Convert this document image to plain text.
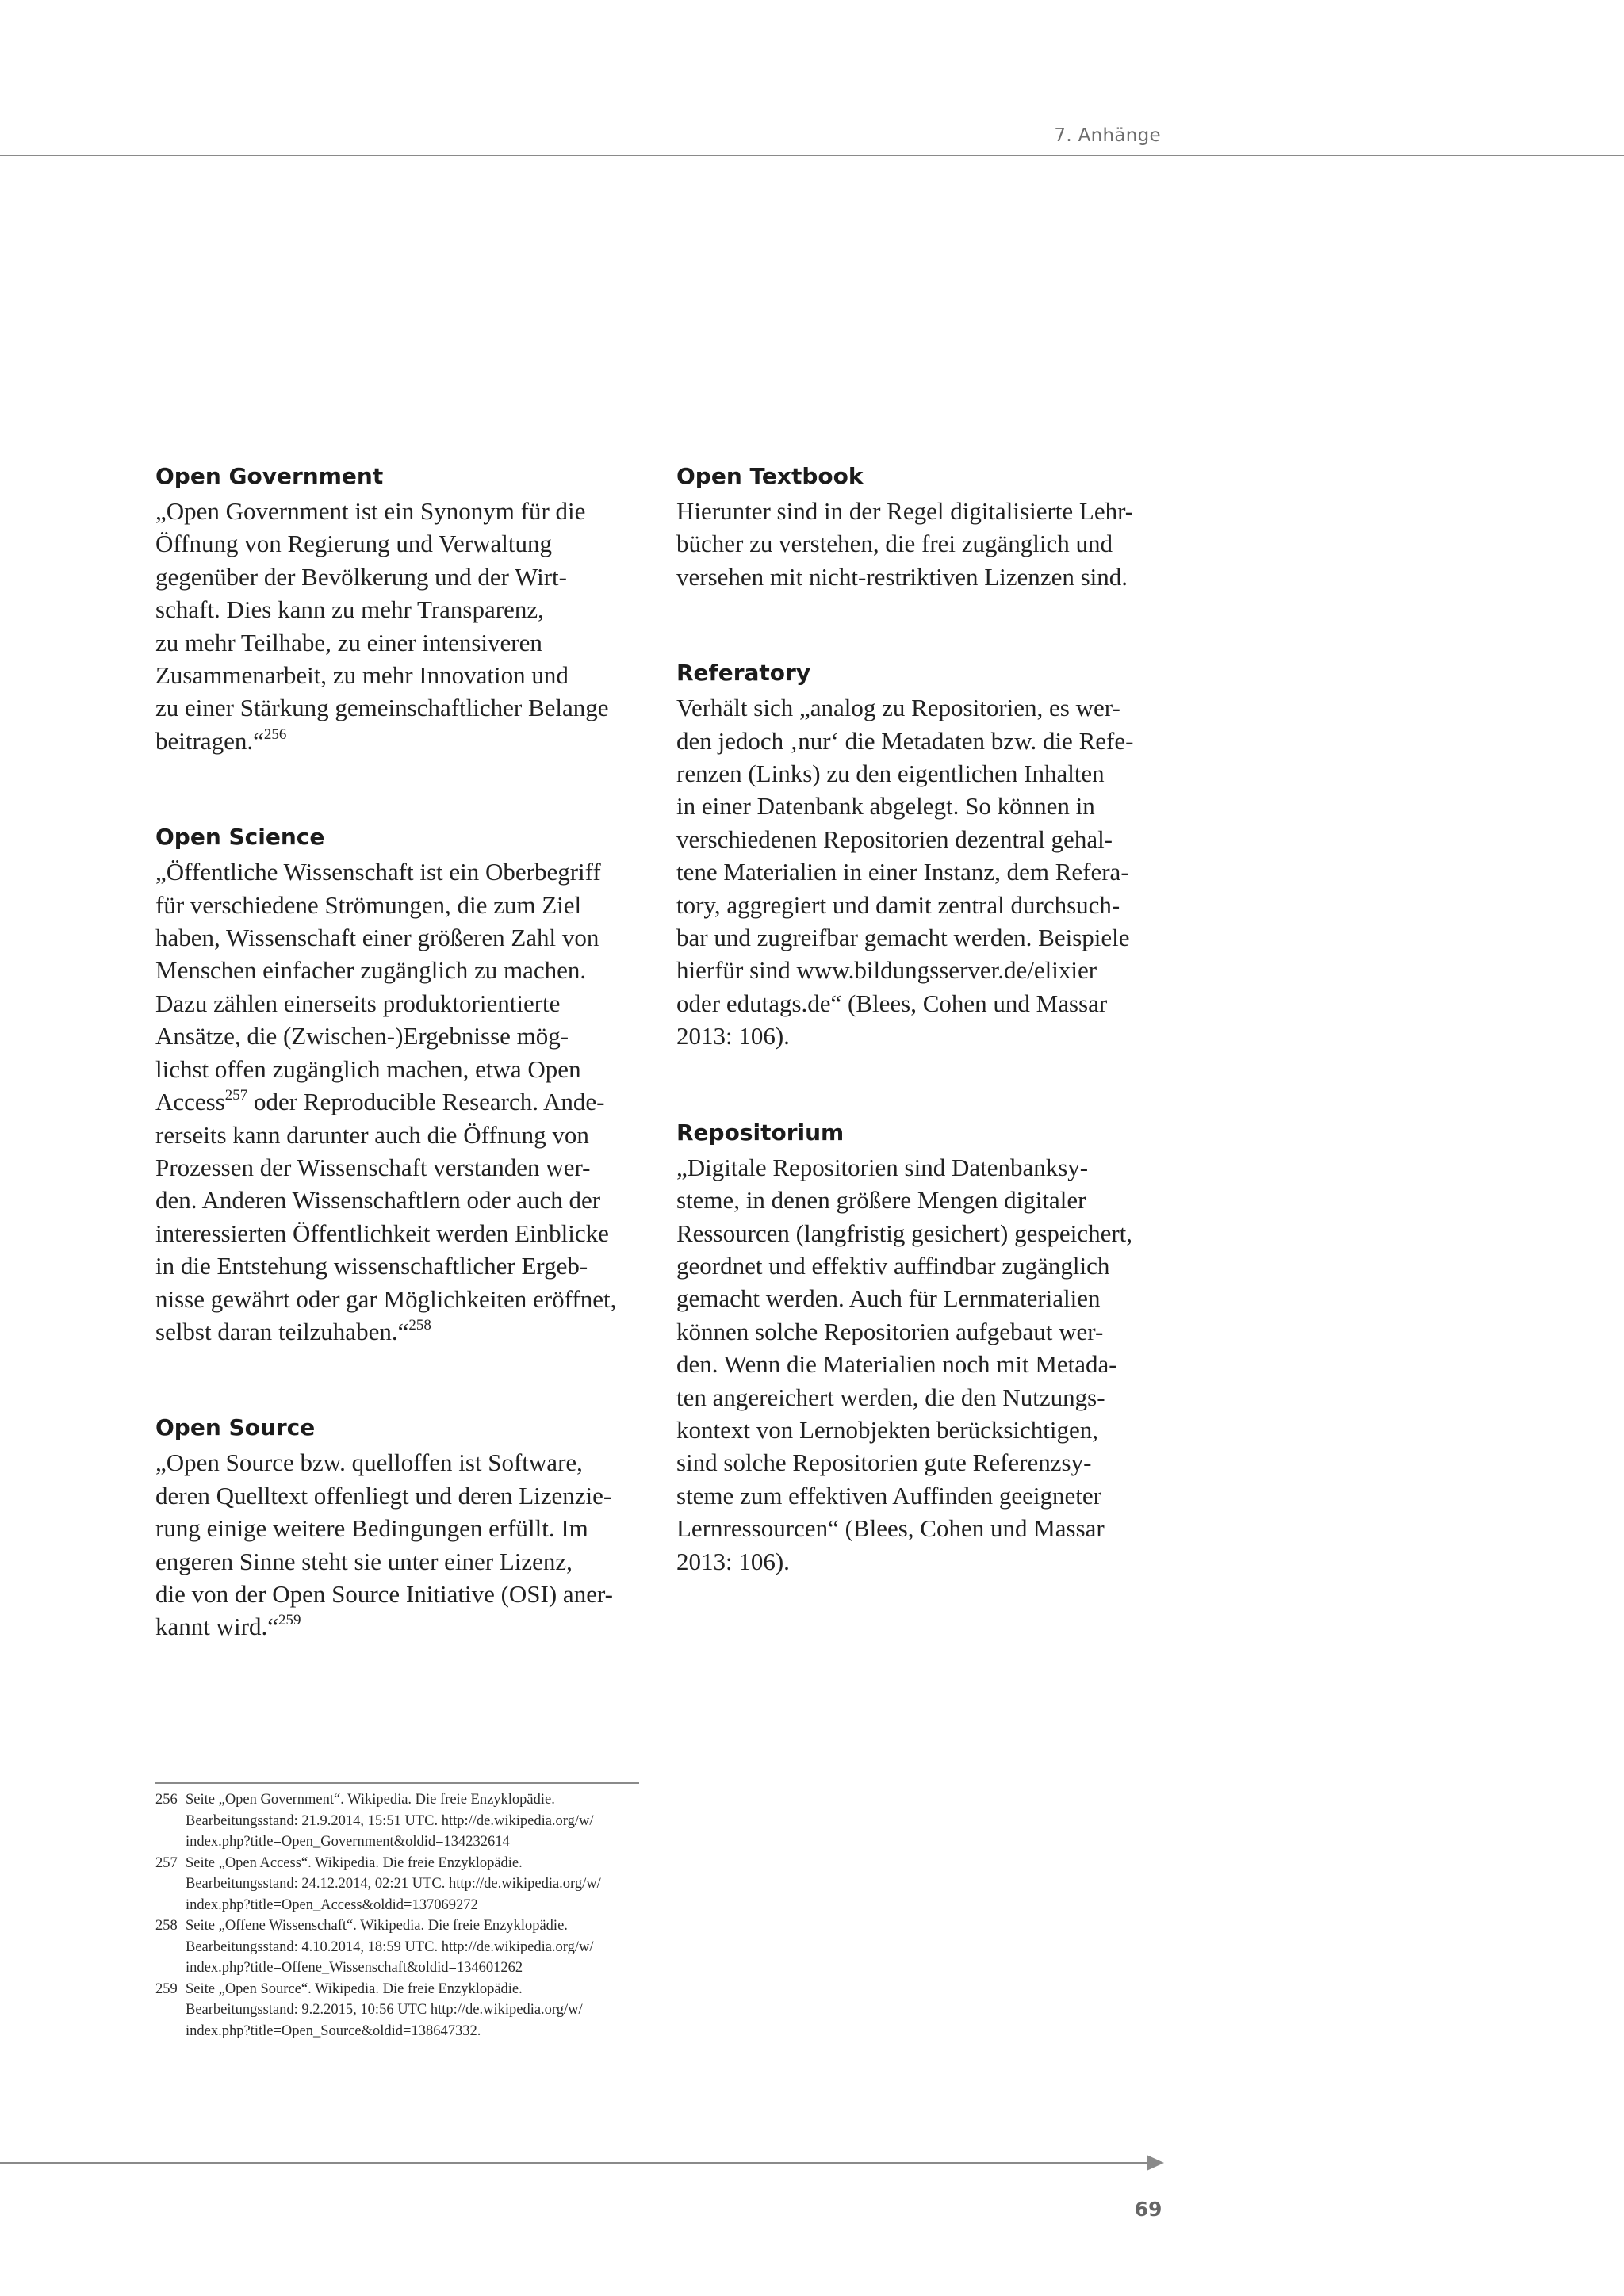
7. Anhänge
Open Government
„Open Government ist ein Synonym für die
Öffnung von Regierung und Verwaltung
gegenüber der Bevölkerung und der Wirt-
schaft. Dies kann zu mehr Transparenz,
zu mehr Teilhabe, zu einer intensiveren
Zusammenarbeit, zu mehr Innovation und
zu einer Stärkung gemeinschaftlicher Belange
beitragen.“$^{256}$
Open Science
„Öffentliche Wissenschaft ist ein Oberbegriff
für verschiedene Strömungen, die zum Ziel
haben, Wissenschaft einer größeren Zahl von
Menschen einfacher zugänglich zu machen.
Dazu zählen einerseits produktorientierte
Ansätze, die (Zwischen-)Ergebnisse mög-
lichst offen zugänglich machen, etwa Open
Access$^{257}$ oder Reproducible Research. Ande-
rerseits kann darunter auch die Öffnung von
Prozessen der Wissenschaft verstanden wer-
den. Anderen Wissenschaftlern oder auch der
interessierten Öffentlichkeit werden Einblicke
in die Entstehung wissenschaftlicher Ergeb-
nisse gewährt oder gar Möglichkeiten eröffnet,
selbst daran teilzuhaben.“$^{258}$
Open Source
„Open Source bzw. quelloffen ist Software,
deren Quelltext offenliegt und deren Lizenzie-
rung einige weitere Bedingungen erfüllt. Im
engeren Sinne steht sie unter einer Lizenz,
die von der Open Source Initiative (OSI) aner-
kannt wird.“$^{259}$
Open Textbook
Hierunter sind in der Regel digitalisierte Lehr-
bücher zu verstehen, die frei zugänglich und
versehen mit nicht-restriktiven Lizenzen sind.
Referatory
Verhält sich „analog zu Repositorien, es wer-
den jedoch ‚nur‘ die Metadaten bzw. die Refe-
renzen (Links) zu den eigentlichen Inhalten
in einer Datenbank abgelegt. So können in
verschiedenen Repositorien dezentral gehal-
tene Materialien in einer Instanz, dem Refera-
tory, aggregiert und damit zentral durchsuch-
bar und zugreifbar gemacht werden. Beispiele
hierfür sind www.bildungsserver.de/elixier
oder edutags.de“ (Blees, Cohen und Massar
2013: 106).
Repositorium
„Digitale Repositorien sind Datenbanksy-
steme, in denen größere Mengen digitaler
Ressourcen (langfristig gesichert) gespeichert,
geordnet und effektiv auffindbar zugänglich
gemacht werden. Auch für Lernmaterialien
können solche Repositorien aufgebaut wer-
den. Wenn die Materialien noch mit Metada-
ten angereichert werden, die den Nutzungs-
kontext von Lernobjekten berücksichtigen,
sind solche Repositorien gute Referenzsy-
steme zum effektiven Auffinden geeigneter
Lernressourcen“ (Blees, Cohen und Massar
2013: 106).
256 Seite „Open Government“. Wikipedia. Die freie Enzyklopädie.
Bearbeitungsstand: 21.9.2014, 15:51 UTC. http://de.wikipedia.org/w/
index.php?title=Open_Government&oldid=134232614
257 Seite „Open Access“. Wikipedia. Die freie Enzyklopädie.
Bearbeitungsstand: 24.12.2014, 02:21 UTC. http://de.wikipedia.org/w/
index.php?title=Open_Access&oldid=137069272
258 Seite „Offene Wissenschaft“. Wikipedia. Die freie Enzyklopädie.
Bearbeitungsstand: 4.10.2014, 18:59 UTC. http://de.wikipedia.org/w/
index.php?title=Offene_Wissenschaft&oldid=134601262
259 Seite „Open Source“. Wikipedia. Die freie Enzyklopädie.
Bearbeitungsstand: 9.2.2015, 10:56 UTC http://de.wikipedia.org/w/
index.php?title=Open_Source&oldid=138647332.
69
